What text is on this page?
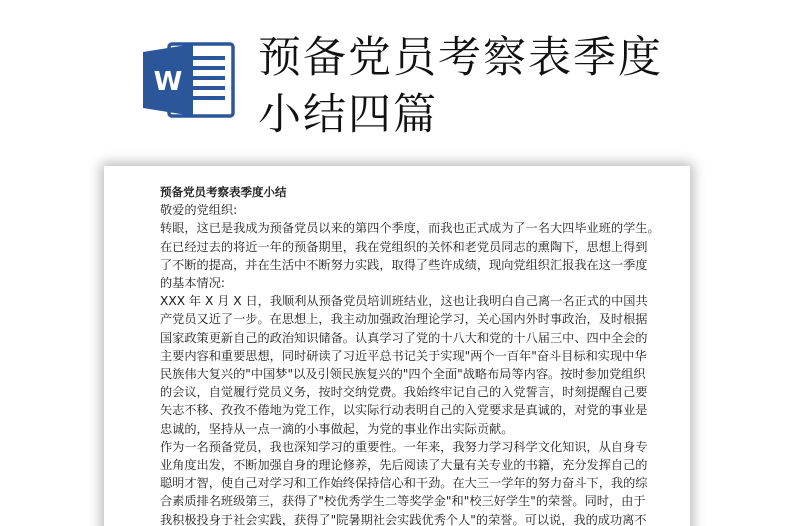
W 预备党员考察表季度
小结四篇

预备党员考察表季度小结

敬爱的党组织:

转眼，这已是我成为预备党员以来的第四个季度，而我也正式成为了一名大四毕业班的学生。

在已经过去的将近一年的预备期里，我在党组织的关怀和老党员同志的熏陶下，思想上得到

了不断的提高，并在生活中不断努力实践，取得了些许成绩，现向党组织汇报我在这一季度

的基本情况:

XXX 年 X 月 X 日，我顺利从预备党员培训班结业，这也让我明白自己离一名正式的中国共

产党员又近了一步。在思想上，我主动加强政治理论学习，关心国内外时事政治，及时根据

国家政策更新自己的政治知识储备。认真学习了党的十八大和党的十八届三中、四中全会的

主要内容和重要思想，同时研读了习近平总书记关于实现"两个一百年"奋斗目标和实现中华

民族伟大复兴的"中国梦"以及引领民族复兴的"四个全面"战略布局等内容。按时参加党组织

的会议，自觉履行党员义务，按时交纳党费。我始终牢记自己的入党誓言，时刻提醒自己要

矢志不移、孜孜不倦地为党工作，以实际行动表明自己的入党要求是真诚的，对党的事业是

忠诚的，坚持从一点一滴的小事做起，为党的事业作出实际贡献。

作为一名预备党员，我也深知学习的重要性。一年来，我努力学习科学文化知识，从自身专

业角度出发，不断加强自身的理论修养，先后阅读了大量有关专业的书籍，充分发挥自己的

聪明才智，使自己对学习和工作始终保持信心和干劲。在大三一学年的努力奋斗下，我的综

合素质排名班级第三，获得了"校优秀学生二等奖学金"和"校三好学生"的荣誉。同时，由于

我积极投身于社会实践，获得了"院暑期社会实践优秀个人"的荣誉。可以说，我的成功离不
